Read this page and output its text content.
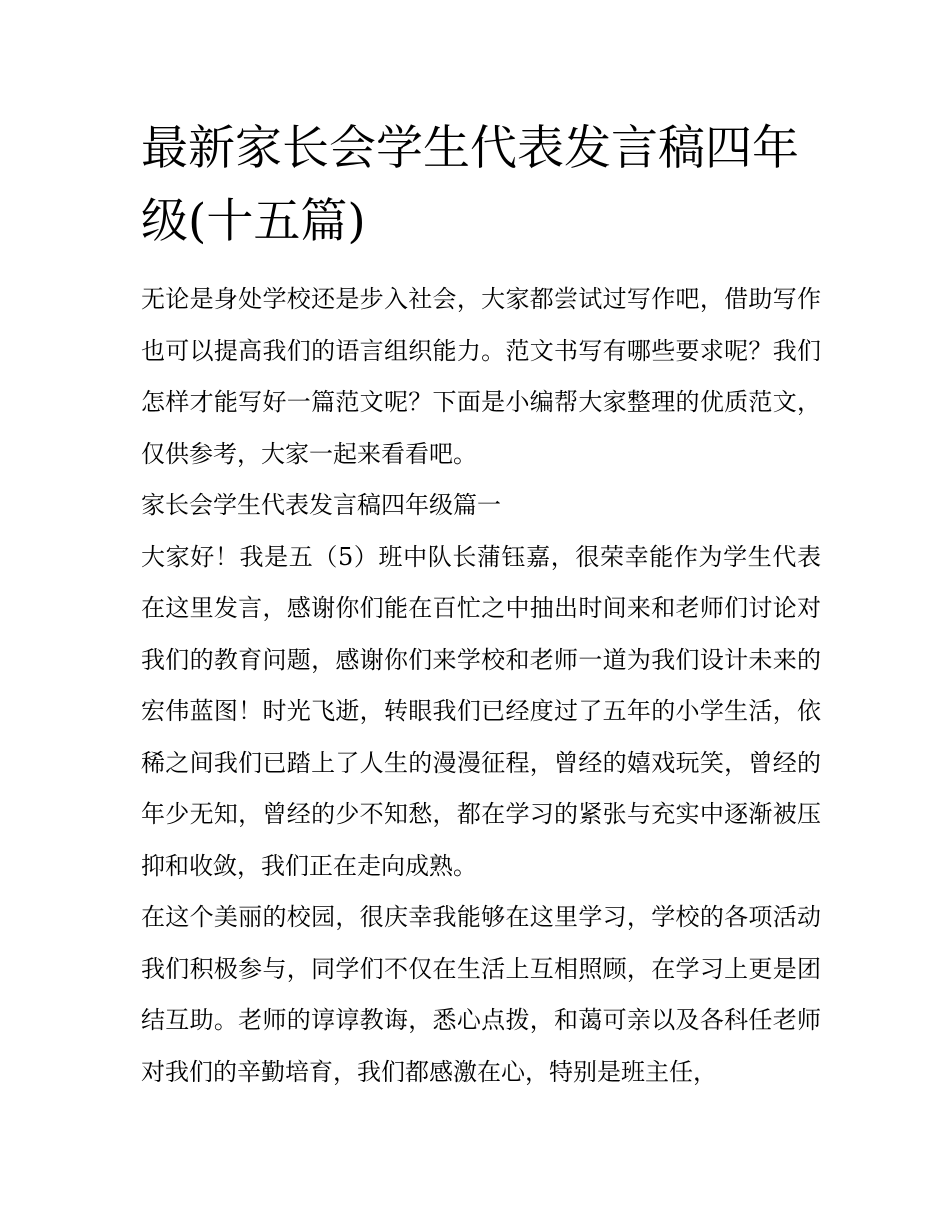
最新家长会学生代表发言稿四年级(十五篇)

无论是身处学校还是步入社会，大家都尝试过写作吧，借助写作也可以提高我们的语言组织能力。范文书写有哪些要求呢？我们怎样才能写好一篇范文呢？下面是小编帮大家整理的优质范文，仅供参考，大家一起来看看吧。

家长会学生代表发言稿四年级篇一

大家好！我是五（5）班中队长蒲钰嘉，很荣幸能作为学生代表在这里发言，感谢你们能在百忙之中抽出时间来和老师们讨论对我们的教育问题，感谢你们来学校和老师一道为我们设计未来的宏伟蓝图！时光飞逝，转眼我们已经度过了五年的小学生活，依稀之间我们已踏上了人生的漫漫征程，曾经的嬉戏玩笑，曾经的年少无知，曾经的少不知愁，都在学习的紧张与充实中逐渐被压抑和收敛，我们正在走向成熟。

在这个美丽的校园，很庆幸我能够在这里学习，学校的各项活动我们积极参与，同学们不仅在生活上互相照顾，在学习上更是团结互助。老师的谆谆教诲，悉心点拨，和蔼可亲以及各科任老师对我们的辛勤培育，我们都感激在心，特别是班主任，
